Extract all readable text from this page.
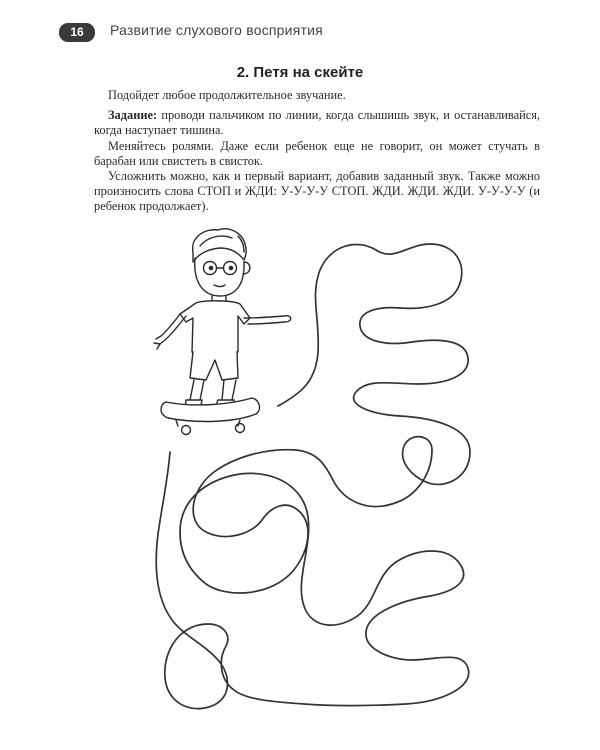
16	Развитие слухового восприятия
2. Петя на скейте

Подойдет любое продолжительное звучание.

Задание: проводи пальчиком по линии, когда слышишь звук, и останавливайся, когда наступает тишина.

Меняйтесь ролями. Даже если ребенок еще не говорит, он может стучать в барабан или свистеть в свисток.

Усложнить можно, как и первый вариант, добавив заданный звук. Также можно произносить слова СТОП и ЖДИ: У-У-У-У СТОП. ЖДИ. ЖДИ. ЖДИ. У-У-У-У (и ребенок продолжает).
